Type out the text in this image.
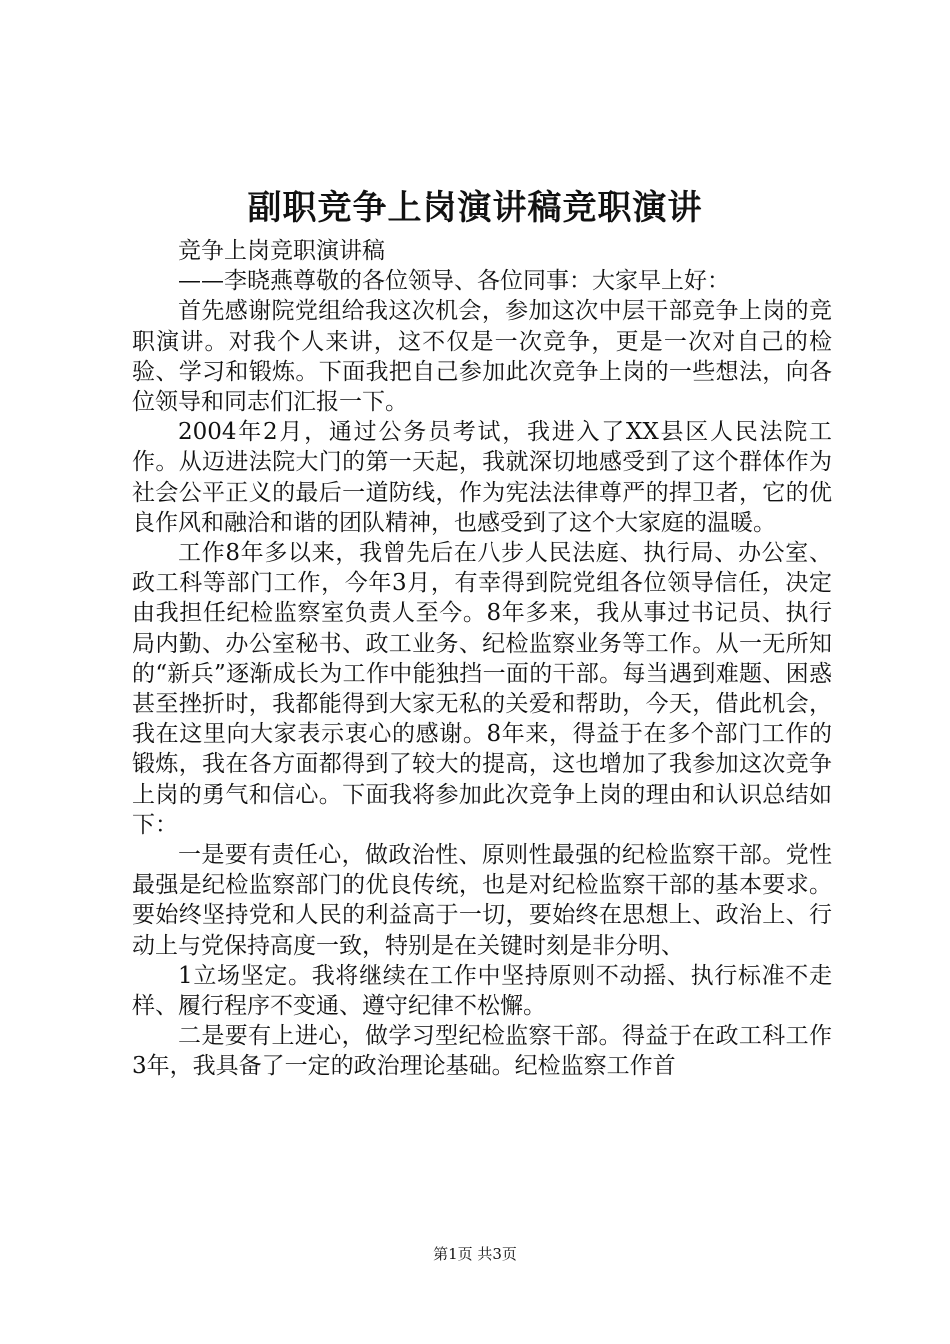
副职竞争上岗演讲稿竞职演讲

竞争上岗竞职演讲稿

——李晓燕尊敬的各位领导、各位同事：大家早上好：

首先感谢院党组给我这次机会，参加这次中层干部竞争上岗的竞职演讲。对我个人来讲，这不仅是一次竞争，更是一次对自己的检验、学习和锻炼。下面我把自己参加此次竞争上岗的一些想法，向各位领导和同志们汇报一下。

2004年2月，通过公务员考试，我进入了XX县区人民法院工作。从迈进法院大门的第一天起，我就深切地感受到了这个群体作为社会公平正义的最后一道防线，作为宪法法律尊严的捍卫者，它的优良作风和融洽和谐的团队精神，也感受到了这个大家庭的温暖。

工作8年多以来，我曾先后在八步人民法庭、执行局、办公室、政工科等部门工作，今年3月，有幸得到院党组各位领导信任，决定由我担任纪检监察室负责人至今。8年多来，我从事过书记员、执行局内勤、办公室秘书、政工业务、纪检监察业务等工作。从一无所知的“新兵”逐渐成长为工作中能独挡一面的干部。每当遇到难题、困惑甚至挫折时，我都能得到大家无私的关爱和帮助，今天，借此机会，我在这里向大家表示衷心的感谢。8年来，得益于在多个部门工作的锻炼，我在各方面都得到了较大的提高，这也增加了我参加这次竞争上岗的勇气和信心。下面我将参加此次竞争上岗的理由和认识总结如下：

一是要有责任心，做政治性、原则性最强的纪检监察干部。党性最强是纪检监察部门的优良传统，也是对纪检监察干部的基本要求。要始终坚持党和人民的利益高于一切，要始终在思想上、政治上、行动上与党保持高度一致，特别是在关键时刻是非分明、

1立场坚定。我将继续在工作中坚持原则不动摇、执行标准不走样、履行程序不变通、遵守纪律不松懈。

二是要有上进心，做学习型纪检监察干部。得益于在政工科工作3年，我具备了一定的政治理论基础。纪检监察工作首

第1页 共3页
